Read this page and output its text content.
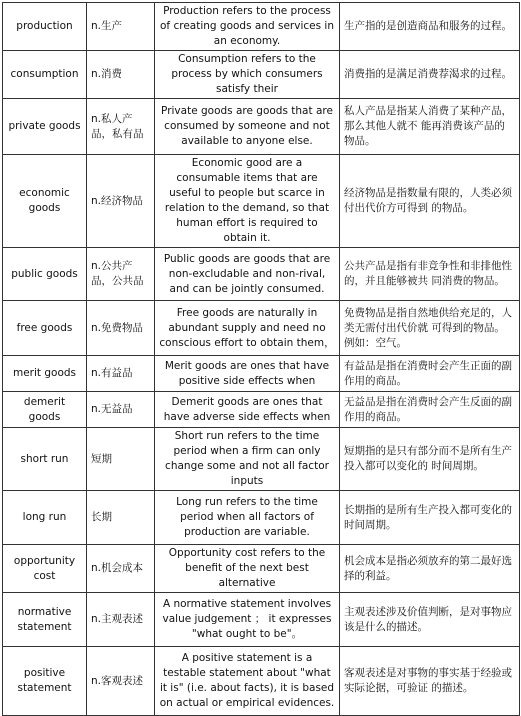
production	n.生产	Production refers to the process of creating goods and services in an economy.	生产指的是创造商品和服务的过程。
consumption	n.消费	Consumption refers to the process by which consumers satisfy their	消费指的是满足消费荐渴求的过程。
private goods	n.私人产品，私有品	Private goods are goods that are consumed by someone and not available to anyone else.	私人产品是指某人消费了某种产品，那么其他人就不 能再消费该产品的物品。
economic goods	n.经济物品	Economic good are a consumable items that are useful to people but scarce in relation to the demand, so that human effort is required to obtain it.	经济物品是指数量有限的，人类必须付出代价方可得到 的物品。
public goods	n.公共产品，公共品	Public goods are goods that are non-excludable and non-rival, and can be jointly consumed.	公共产品是指有非竞争性和非排他性的，并且能够被共 同消费的物品。
free goods	n.免费物品	Free goods are naturally in abundant supply and need no conscious effort to obtain them，	免费物品是指自然地供给充足的，人类无需付出代价就 可得到的物品。例如：空气。
merit goods	n.有益品	Merit goods are ones that have positive side effects when	有益品是指在消费时会产生正面的副作用的商品。
demerit goods	n.无益品	Demerit goods are ones that have adverse side effects when	无益品是指在消费时会产生反面的副作用的商品。
short run	短期	Short run refers to the time period when a firm can only change some and not all factor inputs	短期指的是只有部分而不是所有生产投入都可以变化的 时间周期。
long run	长期	Long run refers to the time period when all factors of production are variable.	长期指的是所有生产投入都可变化的时间周期。
opportunity cost	n.机会成本	Opportunity cost refers to the benefit of the next best alternative	机会成本是指必须放弃的第二最好选择的利益。
normative statement	n.主观表述	A normative statement involves value judgement ； it expresses "what ought to be"。	主观表述涉及价值判断，是对事物应该是什么的描述。
positive statement	n.客观表述	A positive statement is a testable statement about "what it is" (i.e. about facts), it is based on actual or empirical evidences.	客观表述是对事物的事实基于经验或实际论据，可验证 的描述。
